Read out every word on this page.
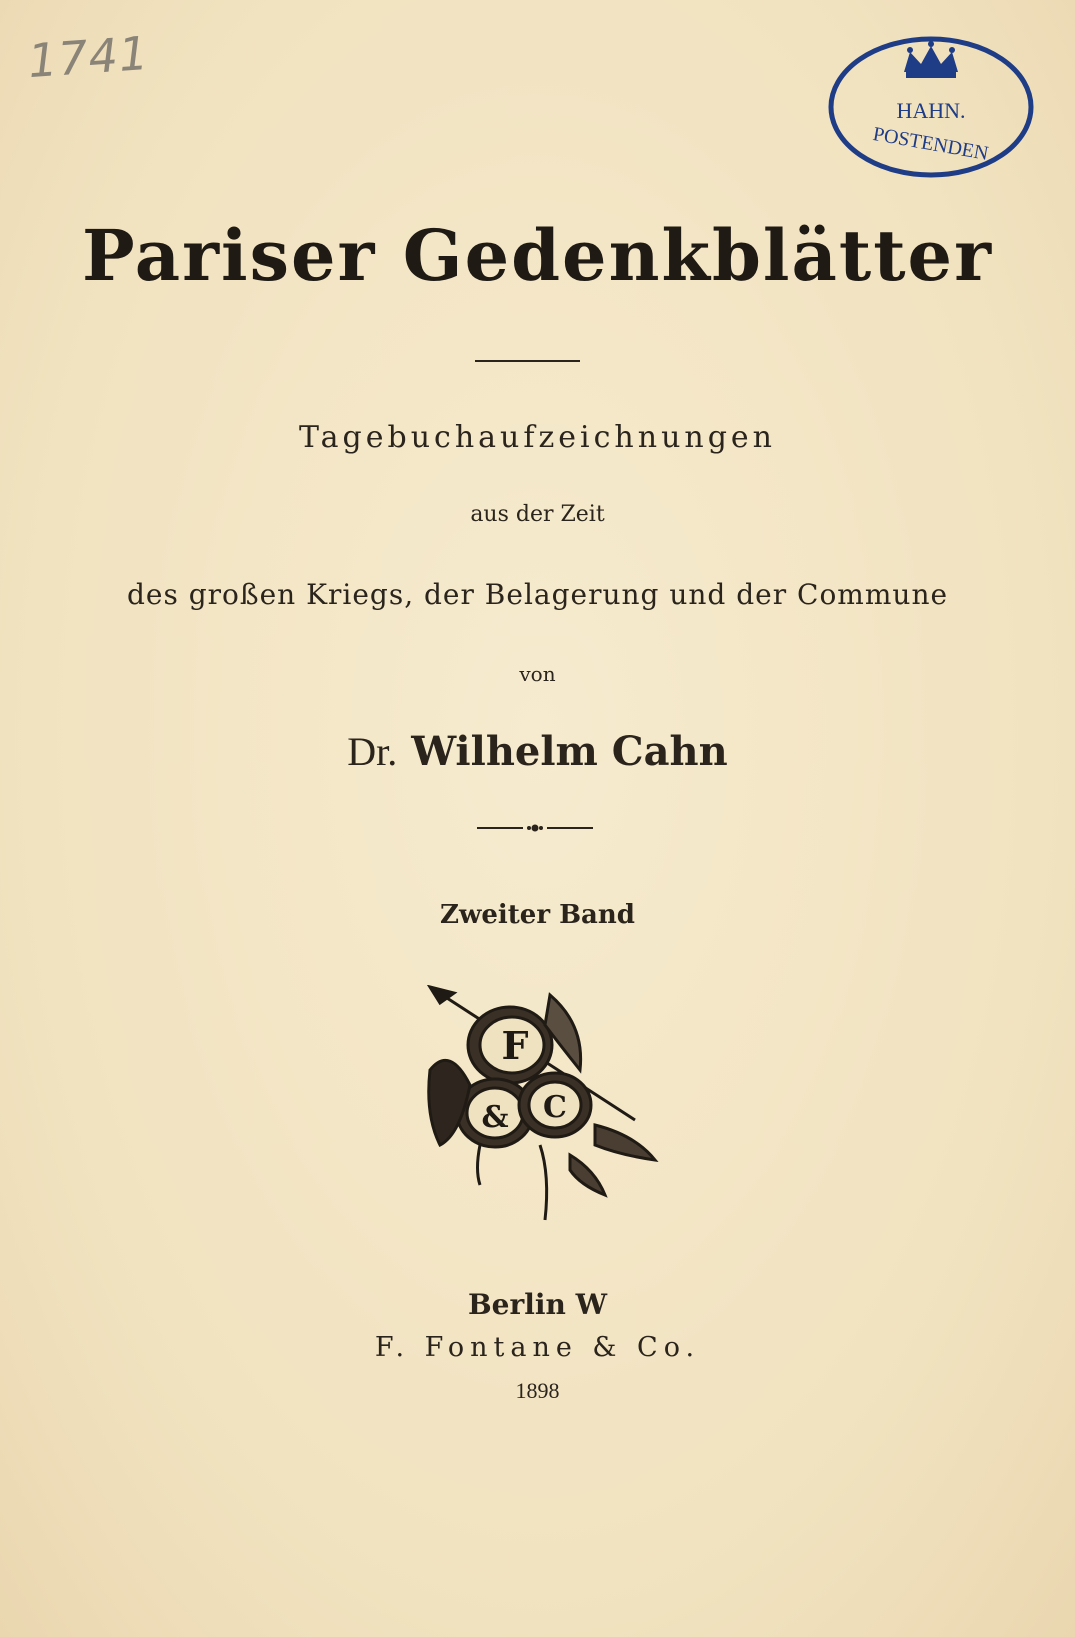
1741
HAHN.
POSTENDEN
Pariser Gedenkblätter
Tagebuchaufzeichnungen
aus der Zeit
des großen Kriegs, der Belagerung und der Commune
von
Dr. Wilhelm Cahn
Zweiter Band
F
& C
Berlin W
F. Fontane & Co.
1898
